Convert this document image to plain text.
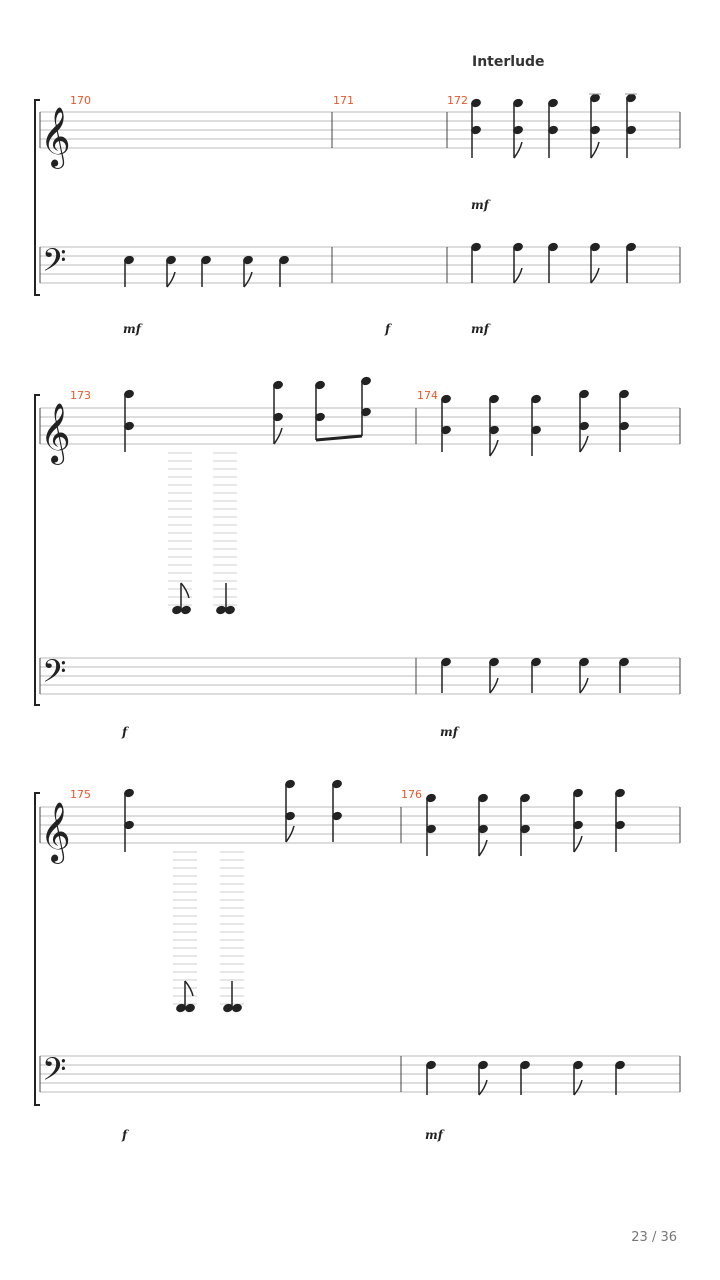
Interlude
𝄞
𝄢
170	171	172
mf
mf	f	mf
𝄞
𝄢
173	174
f	mf
𝄞
𝄢
175	176
f	mf
23 / 36
